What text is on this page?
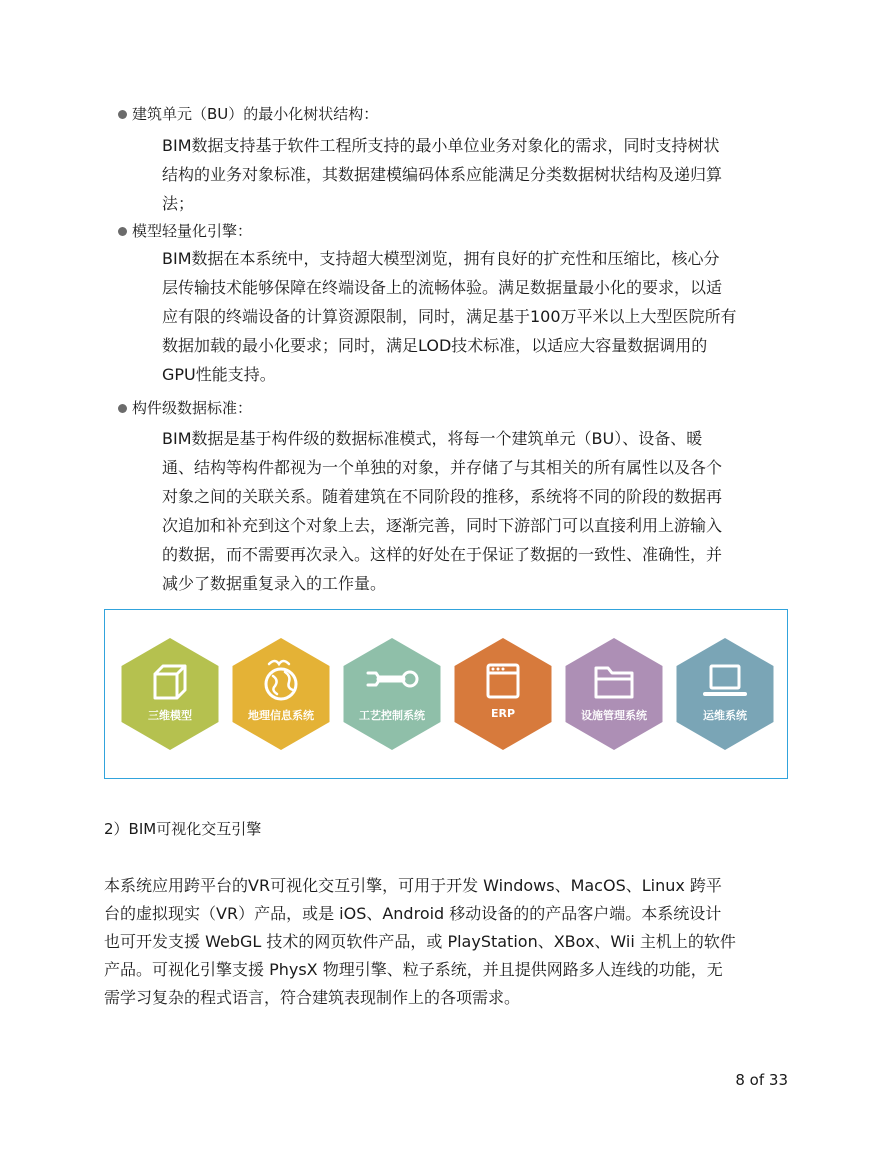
建筑单元（BU）的最小化树状结构：
BIM数据支持基于软件工程所支持的最小单位业务对象化的需求，同时支持树状
结构的业务对象标准，其数据建模编码体系应能满足分类数据树状结构及递归算
法；
模型轻量化引擎：
BIM数据在本系统中，支持超大模型浏览，拥有良好的扩充性和压缩比，核心分
层传输技术能够保障在终端设备上的流畅体验。满足数据量最小化的要求，以适
应有限的终端设备的计算资源限制，同时，满足基于100万平米以上大型医院所有
数据加载的最小化要求；同时，满足LOD技术标准，以适应大容量数据调用的
GPU性能支持。
构件级数据标准：
BIM数据是基于构件级的数据标准模式，将每一个建筑单元（BU）、设备、暖
通、结构等构件都视为一个单独的对象，并存储了与其相关的所有属性以及各个
对象之间的关联关系。随着建筑在不同阶段的推移，系统将不同的阶段的数据再
次追加和补充到这个对象上去，逐渐完善，同时下游部门可以直接利用上游输入
的数据，而不需要再次录入。这样的好处在于保证了数据的一致性、准确性，并
减少了数据重复录入的工作量。
三维模型	地理信息系统	工艺控制系统	ERP	设施管理系统	运维系统
2）BIM可视化交互引擎
本系统应用跨平台的VR可视化交互引擎，可用于开发 Windows、MacOS、Linux 跨平
台的虚拟现实（VR）产品，或是 iOS、Android 移动设备的的产品客户端。本系统设计
也可开发支援 WebGL 技术的网页软件产品，或 PlayStation、XBox、Wii 主机上的软件
产品。可视化引擎支援 PhysX 物理引擎、粒子系统，并且提供网路多人连线的功能，无
需学习复杂的程式语言，符合建筑表现制作上的各项需求。
8 of 33
